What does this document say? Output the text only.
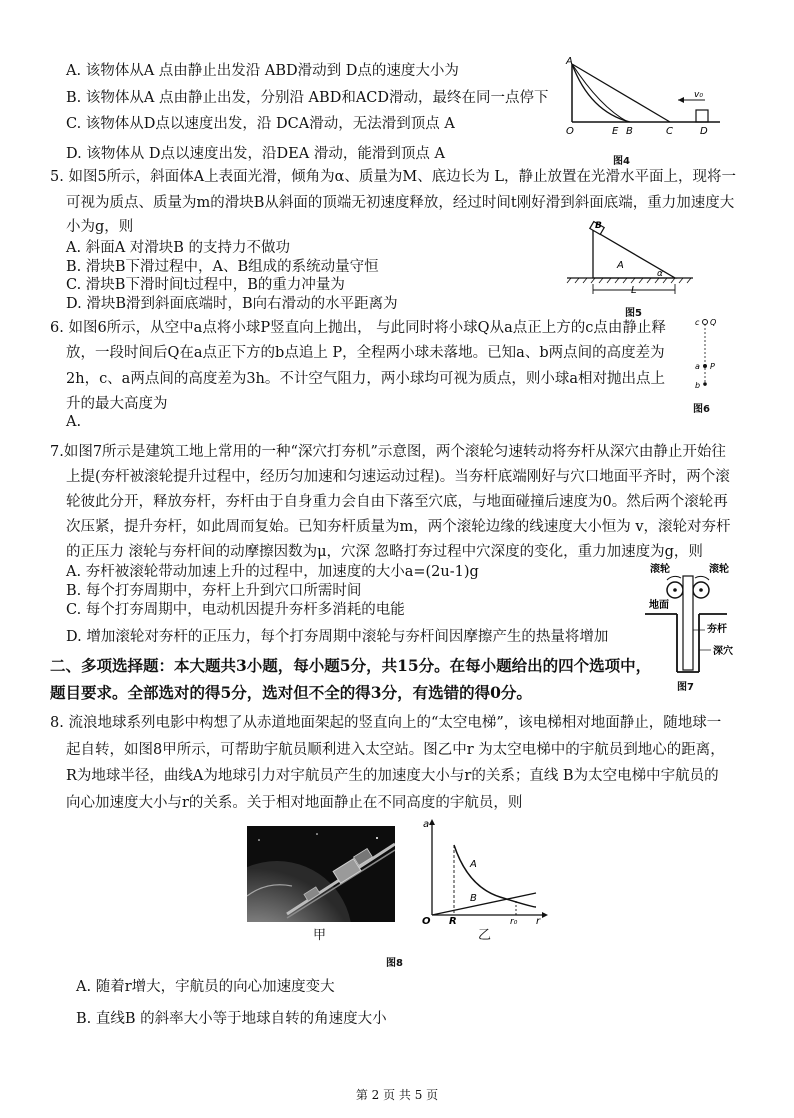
A. 该物体从A 点由静止出发沿 ABD滑动到 D点的速度大小为
B. 该物体从A 点由静止出发，分别沿 ABD和ACD滑动，最终在同一点停下
C. 该物体从D点以速度出发，沿 DCA滑动，无法滑到顶点 A
D. 该物体从 D点以速度出发，沿DEA 滑动，能滑到顶点 A
A
O	E B	C	D
v₀
图4
5. 如图5所示，斜面体A上表面光滑，倾角为α、质量为M、底边长为 L，静止放置在光滑水平面上，现将一
可视为质点、质量为m的滑块B从斜面的顶端无初速度释放，经过时间t刚好滑到斜面底端，重力加速度大
小为g，则
A. 斜面A 对滑块B 的支持力不做功
B. 滑块B下滑过程中，A、B组成的系统动量守恒
C. 滑块B下滑时间t过程中，B的重力冲量为
D. 滑块B滑到斜面底端时，B向右滑动的水平距离为
B
A
α
L
图5
6. 如图6所示，从空中a点将小球P竖直向上抛出， 与此同时将小球Q从a点正上方的c点由静止释
放，一段时间后Q在a点正下方的b点追上 P，全程两小球未落地。已知a、b两点间的高度差为
2h，c、a两点间的高度差为3h。不计空气阻力，两小球均可视为质点，则小球a相对抛出点上
升的最大高度为
A.
c Q
a P
b
图6
7.如图7所示是建筑工地上常用的一种“深穴打夯机”示意图，两个滚轮匀速转动将夯杆从深穴由静止开始往
上提(夯杆被滚轮提升过程中，经历匀加速和匀速运动过程)。当夯杆底端刚好与穴口地面平齐时，两个滚
轮彼此分开，释放夯杆，夯杆由于自身重力会自由下落至穴底，与地面碰撞后速度为0。然后两个滚轮再
次压紧，提升夯杆，如此周而复始。已知夯杆质量为m，两个滚轮边缘的线速度大小恒为 v，滚轮对夯杆
的正压力 滚轮与夯杆间的动摩擦因数为μ，穴深 忽略打夯过程中穴深度的变化，重力加速度为g，则
A. 夯杆被滚轮带动加速上升的过程中，加速度的大小a=(2u-1)g
B. 每个打夯周期中，夯杆上升到穴口所需时间
C. 每个打夯周期中，电动机因提升夯杆多消耗的电能
D. 增加滚轮对夯杆的正压力，每个打夯周期中滚轮与夯杆间因摩擦产生的热量将增加
滚轮	滚轮
地面
夯杆
深穴
图7
二、多项选择题：本大题共3小题，每小题5分，共15分。在每小题给出的四个选项中，
题目要求。全部选对的得5分，选对但不全的得3分，有选错的得0分。
8. 流浪地球系列电影中构想了从赤道地面架起的竖直向上的“太空电梯”，该电梯相对地面静止，随地球一
起自转，如图8甲所示，可帮助宇航员顺利进入太空站。图乙中r 为太空电梯中的宇航员到地心的距离，
R为地球半径，曲线A为地球引力对宇航员产生的加速度大小与r的关系；直线 B为太空电梯中宇航员的
向心加速度大小与r的关系。关于相对地面静止在不同高度的宇航员，则
a
A
B
O R	r₀ r
甲	乙
图8
A. 随着r增大，宇航员的向心加速度变大
B. 直线B 的斜率大小等于地球自转的角速度大小
第 2 页 共 5 页
